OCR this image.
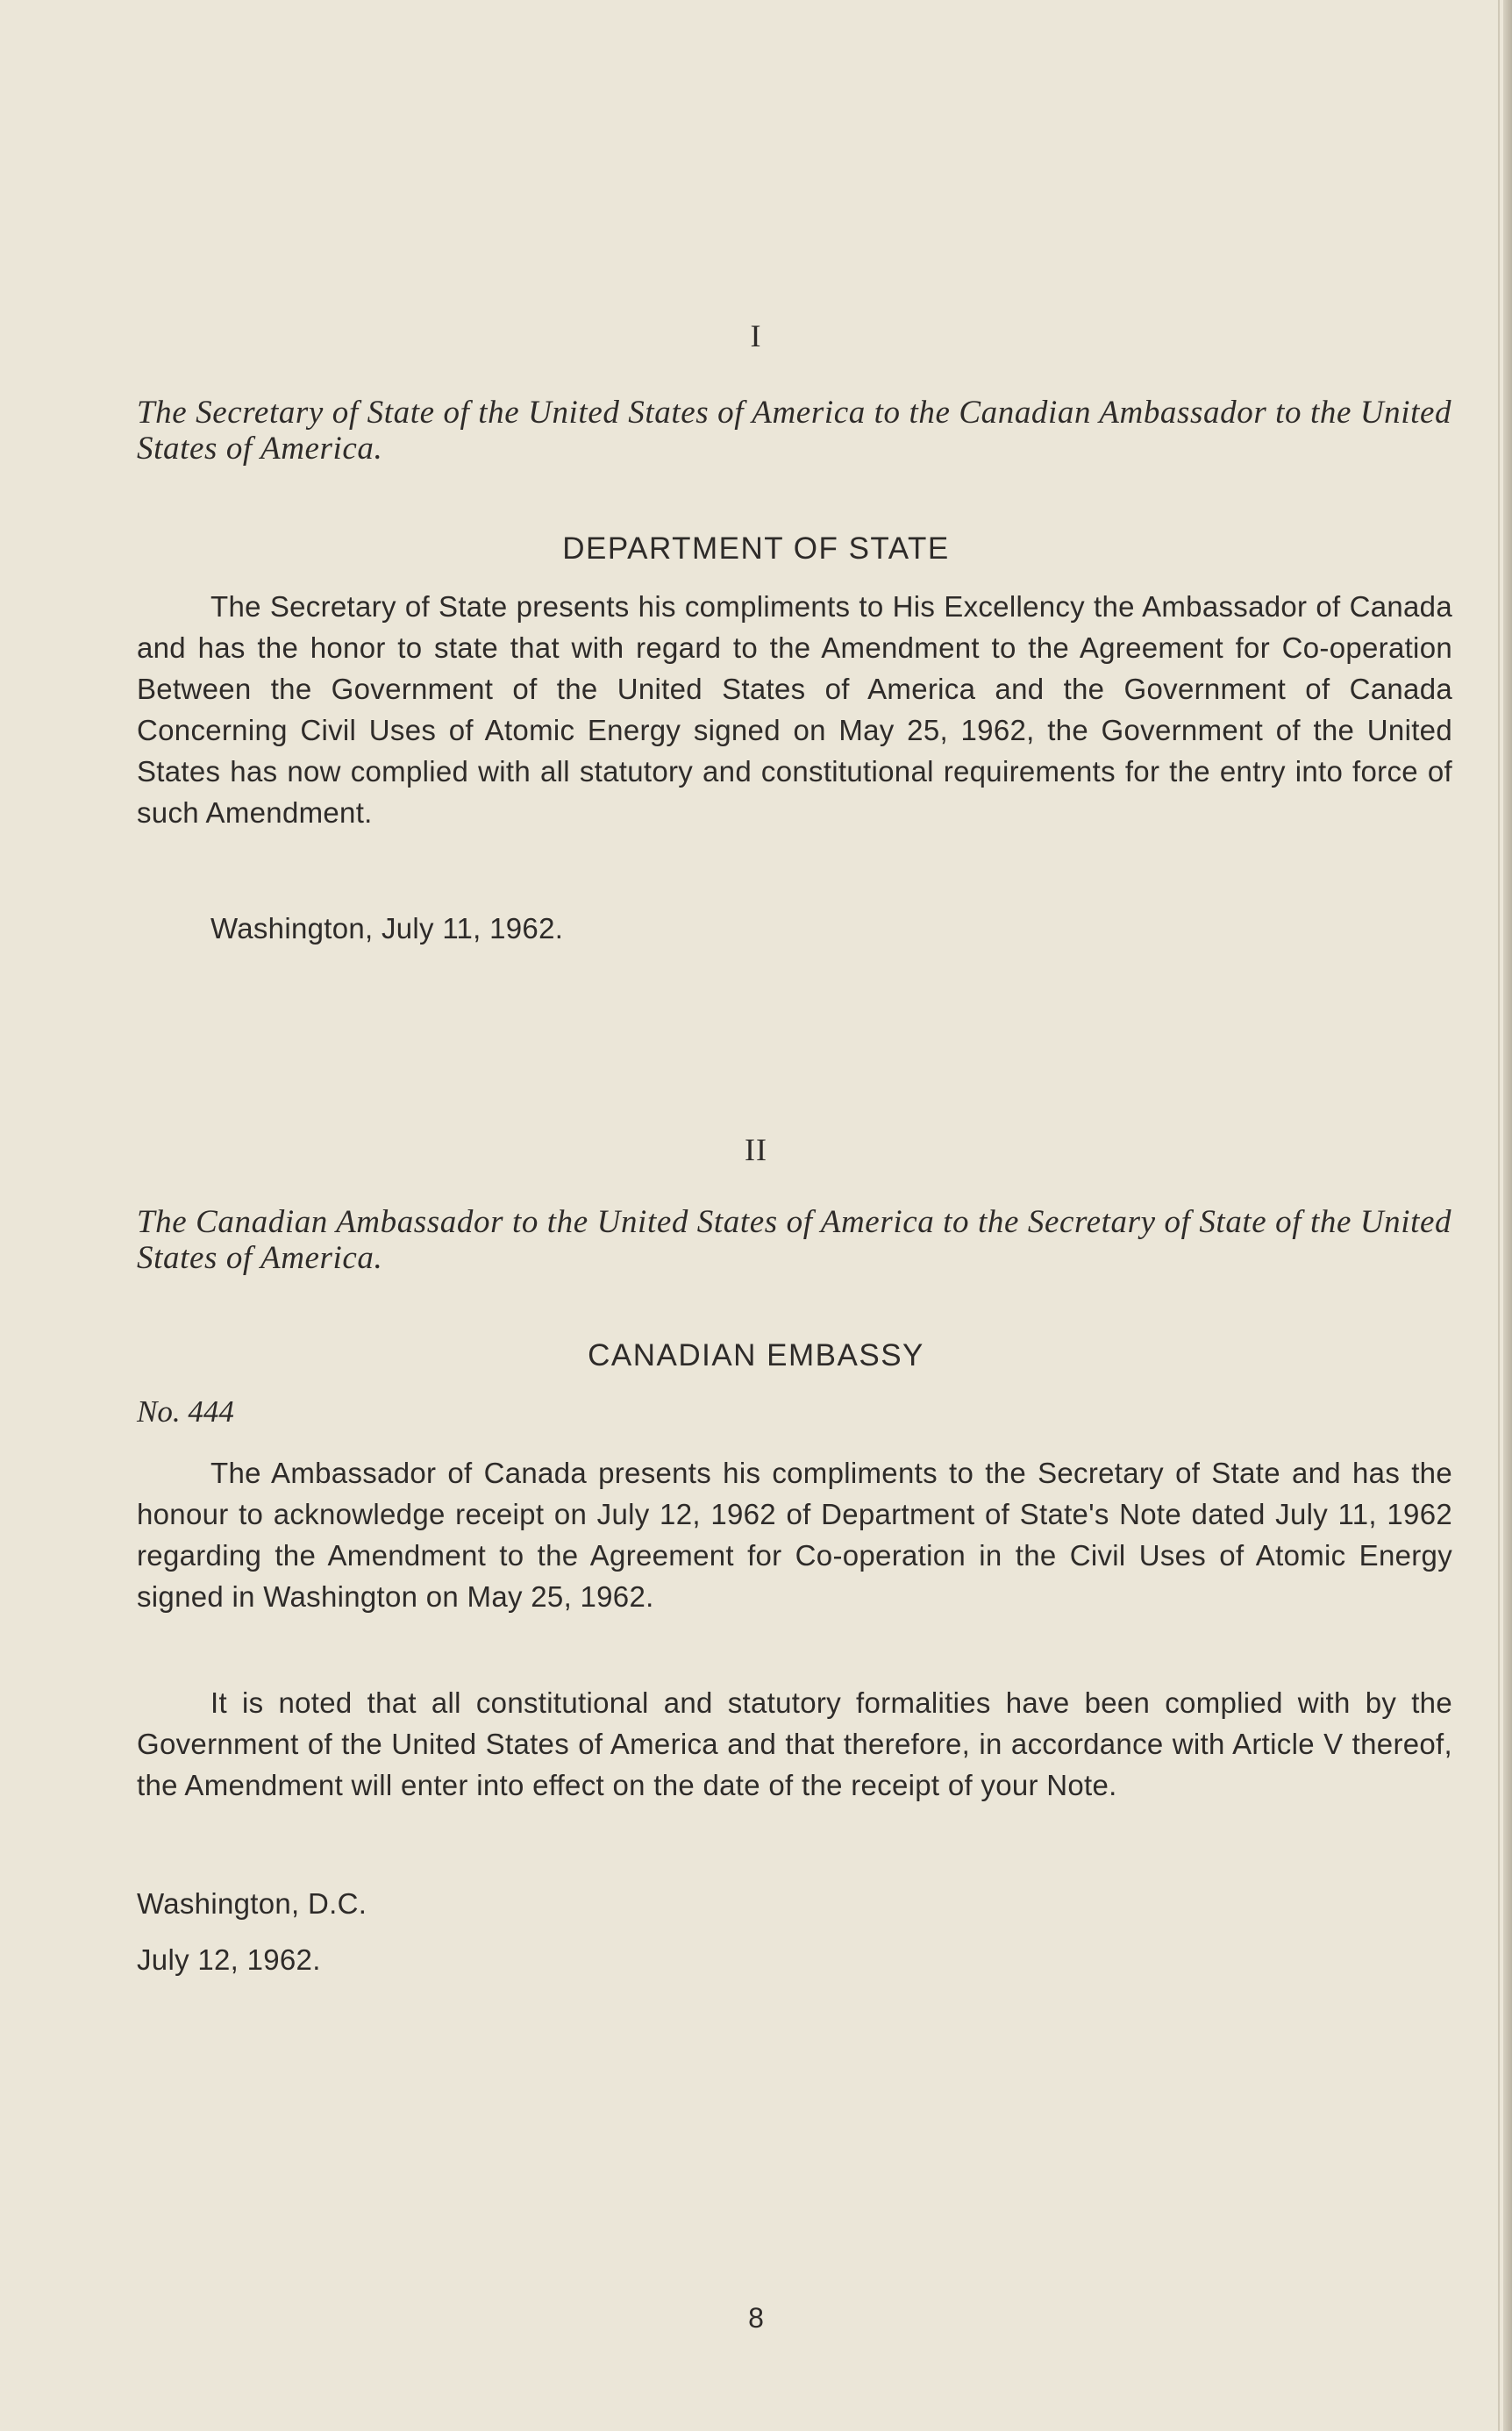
I
The Secretary of State of the United States of America to the Canadian Ambassador to the United States of America.
DEPARTMENT OF STATE
The Secretary of State presents his compliments to His Excellency the Ambassador of Canada and has the honor to state that with regard to the Amendment to the Agreement for Co-operation Between the Government of the United States of America and the Government of Canada Concerning Civil Uses of Atomic Energy signed on May 25, 1962, the Government of the United States has now complied with all statutory and constitutional requirements for the entry into force of such Amendment.
Washington, July 11, 1962.
II
The Canadian Ambassador to the United States of America to the Secretary of State of the United States of America.
CANADIAN EMBASSY
No. 444
The Ambassador of Canada presents his compliments to the Secretary of State and has the honour to acknowledge receipt on July 12, 1962 of Department of State's Note dated July 11, 1962 regarding the Amendment to the Agreement for Co-operation in the Civil Uses of Atomic Energy signed in Washington on May 25, 1962.
It is noted that all constitutional and statutory formalities have been complied with by the Government of the United States of America and that therefore, in accordance with Article V thereof, the Amendment will enter into effect on the date of the receipt of your Note.
Washington, D.C.
July 12, 1962.
8
